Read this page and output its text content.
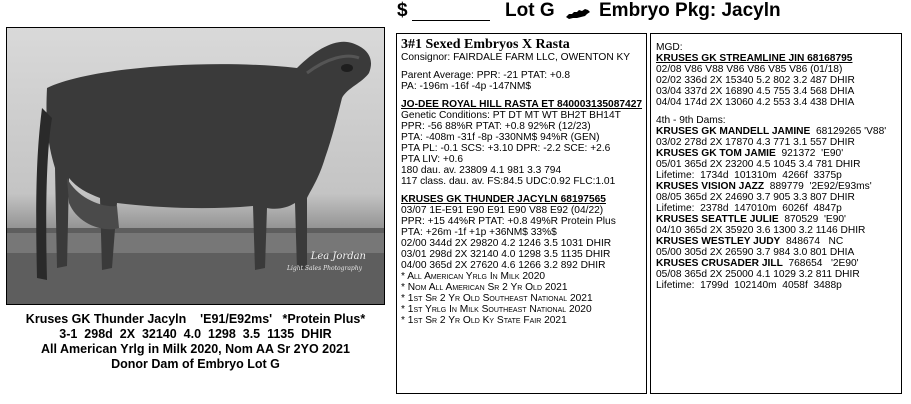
$	Lot G Embryo Pkg: Jacyln
Lea Jordan
Light Sales Photography
Kruses GK Thunder Jacyln    'E91/E92ms'   *Protein Plus*
3-1  298d  2X  32140  4.0  1298  3.5  1135  DHIR
All American Yrlg in Milk 2020, Nom AA Sr 2YO 2021
Donor Dam of Embryo Lot G
3#1 Sexed Embryos X Rasta
Consignor: FAIRDALE FARM LLC, OWENTON KY
Parent Average: PPR: -21 PTAT: +0.8
PA: -196m -16f -4p -147NM$
JO-DEE ROYAL HILL RASTA ET 840003135087427
Genetic Conditions: PT DT MT WT BH2T BH14T
PPR: -56 88%R PTAT: +0.8 92%R (12/23)
PTA: -408m -31f -8p -330NM$ 94%R (GEN)
PTA PL: -0.1 SCS: +3.10 DPR: -2.2 SCE: +2.6
PTA LIV: +0.6
180 dau. av. 23809 4.1 981 3.3 794
117 class. dau. av. FS:84.5 UDC:0.92 FLC:1.01
KRUSES GK THUNDER JACYLN 68197565
03/07 1E-E91 E90 E91 E90 V88 E92 (04/22)
PPR: +15 44%R PTAT: +0.8 49%R Protein Plus
PTA: +26m -1f +1p +36NM$ 33%$
02/00 344d 2X 29820 4.2 1246 3.5 1031 DHIR
03/01 298d 2X 32140 4.0 1298 3.5 1135 DHIR
04/00 365d 2X 27620 4.6 1266 3.2 892 DHIR
* All American Yrlg In Milk 2020
* Nom All American Sr 2 Yr Old 2021
* 1st Sr 2 Yr Old Southeast National 2021
* 1st Yrlg In Milk Southeast National 2020
* 1st Sr 2 Yr Old Ky State Fair 2021
MGD:
KRUSES GK STREAMLINE JIN 68168795
02/08 V86 V88 V86 V86 V85 V86 (01/18)
02/02 336d 2X 15340 5.2 802 3.2 487 DHIR
03/04 337d 2X 16890 4.5 755 3.4 568 DHIA
04/04 174d 2X 13060 4.2 553 3.4 438 DHIA
4th - 9th Dams:
KRUSES GK MANDELL JAMINE  68129265 'V88'
03/02 278d 2X 17870 4.3 771 3.1 557 DHIR
KRUSES GK TOM JAMIE  921372  'E90'
05/01 365d 2X 23200 4.5 1045 3.4 781 DHIR
Lifetime:  1734d  101310m  4266f  3375p
KRUSES VISION JAZZ  889779  '2E92/E93ms'
08/05 365d 2X 24690 3.7 905 3.3 807 DHIR
Lifetime:  2378d  147010m  6026f  4847p
KRUSES SEATTLE JULIE  870529  'E90'
04/10 365d 2X 35920 3.6 1300 3.2 1146 DHIR
KRUSES WESTLEY JUDY  848674   NC
05/00 305d 2X 26590 3.7 984 3.0 801 DHIA
KRUSES CRUSADER JILL  768654   '2E90'
05/08 365d 2X 25000 4.1 1029 3.2 811 DHIR
Lifetime:  1799d  102140m  4058f  3488p
